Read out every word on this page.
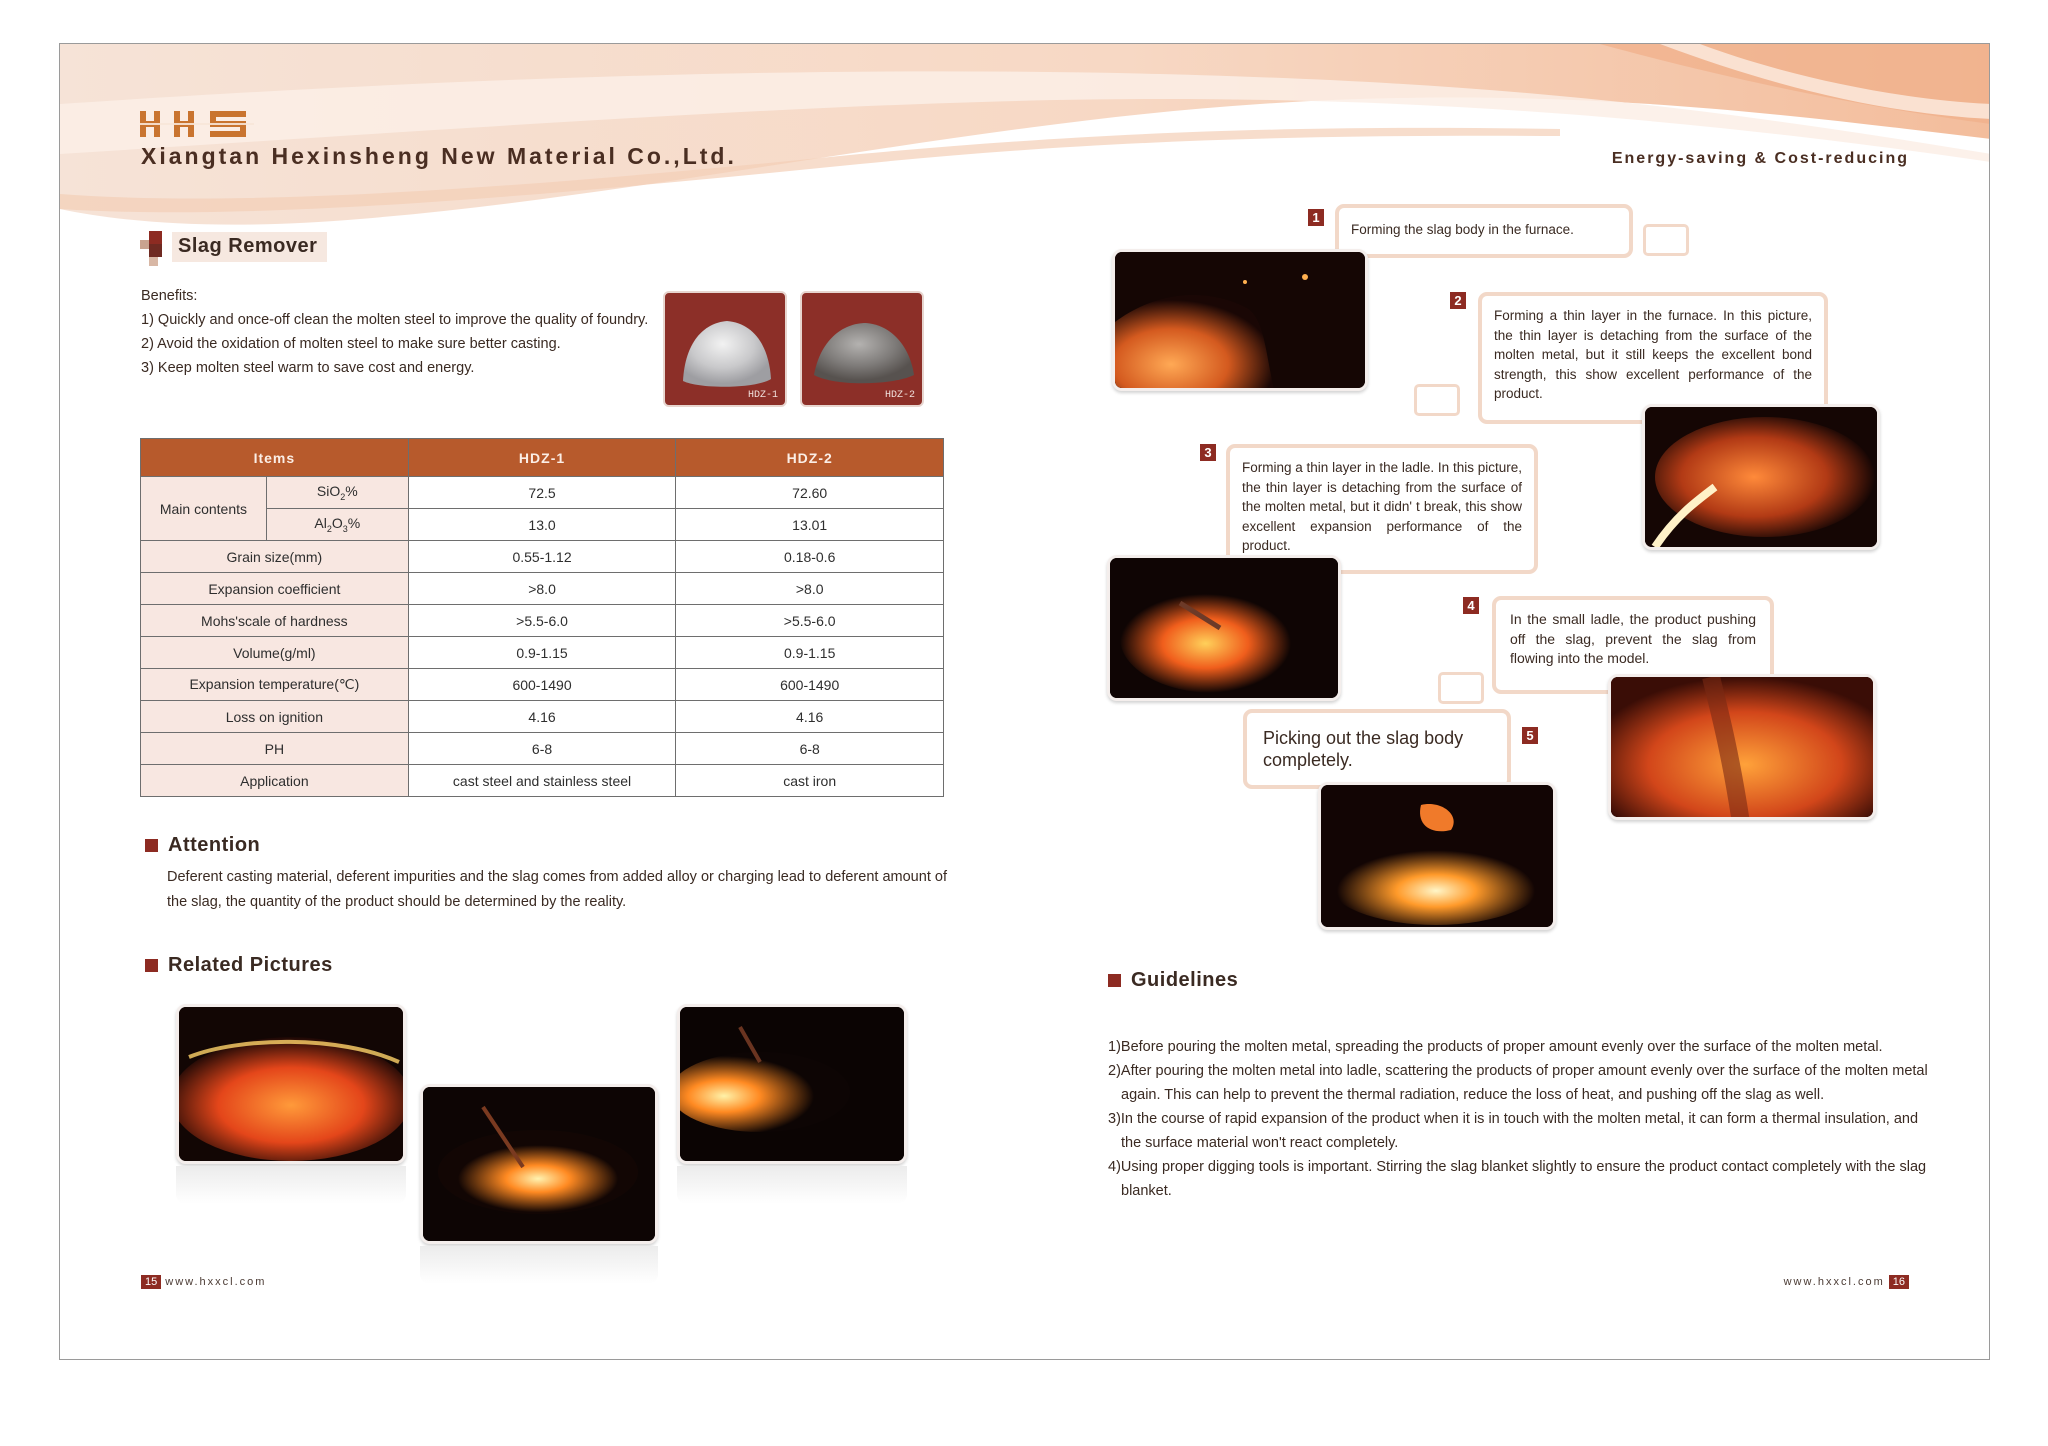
Xiangtan Hexinsheng New Material Co.,Ltd.	Energy-saving & Cost-reducing
Slag Remover
Benefits:
1) Quickly and once-off clean the molten steel to improve the quality of foundry.
2) Avoid the oxidation of molten steel to make sure better casting.
3) Keep molten steel warm to save cost and energy.
HDZ-1	HDZ-2
Items		HDZ-1	HDZ-2
Main contents	SiO$_2$%	72.5	72.60
	$Al_2O_3\%$	13.0	13.01
Grain size(mm)		0.55-1.12	0.18-0.6
Expansion coefficient		>8.0	>8.0
Mohs'scale of hardness		>5.5-6.0	>5.5-6.0
Volume(g/ml)		0.9-1.15	0.9-1.15
Expansion temperature(℃)		600-1490	600-1490
Loss on ignition		4.16	4.16
PH		6-8	6-8
Application		cast steel and stainless steel	cast iron
Attention
Deferent casting material, deferent impurities and the slag comes from added alloy or charging lead to deferent amount of the slag, the quantity of the product should be determined by the reality.
Related Pictures
15 www.hxxcl.com
1
Forming the slag body in the furnace.
2
Forming a thin layer in the furnace. In this picture, the thin layer is detaching from the surface of the molten metal, but it still keeps the excellent bond strength, this show excellent performance of the product.
3
Forming a thin layer in the ladle. In this picture, the thin layer is detaching from the surface of the molten metal, but it didn' t break, this show excellent expansion performance of the product.
4
In the small ladle, the product pushing off the slag, prevent the slag from flowing into the model.
5
Picking out the slag body completely.
Guidelines
1)Before pouring the molten metal, spreading the products of proper amount evenly over the surface of the molten metal.
2)After pouring the molten metal into ladle, scattering the products of proper amount evenly over the surface of the molten metal again. This can help to prevent the thermal radiation, reduce the loss of heat, and pushing off the slag as well.
3)In the course of rapid expansion of the product when it is in touch with the molten metal, it can form a thermal insulation, and the surface material won't react completely.
4)Using proper digging tools is important. Stirring the slag blanket slightly to ensure the product contact completely with the slag blanket.
www.hxxcl.com 16
